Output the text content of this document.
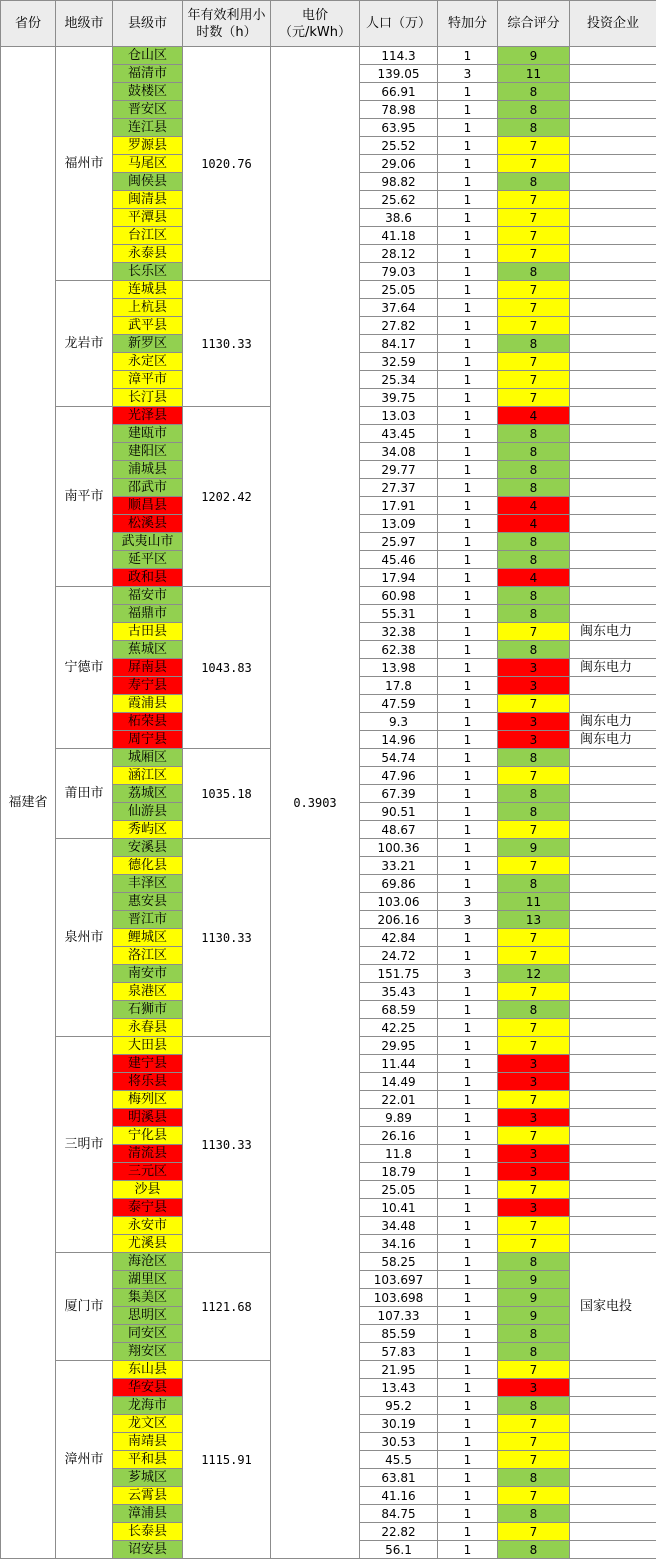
省份	地级市	县级市	年有效利用小时数（h）	电价（元/kWh）	人口（万）	特加分	综合评分	投资企业
福建省	福州市	仓山区	1020.76	0.3903	114.3	1	9	
		福清市			139.05	3	11	
		鼓楼区			66.91	1	8	
		晋安区			78.98	1	8	
		连江县			63.95	1	8	
		罗源县			25.52	1	7	
		马尾区			29.06	1	7	
		闽侯县			98.82	1	8	
		闽清县			25.62	1	7	
		平潭县			38.6	1	7	
		台江区			41.18	1	7	
		永泰县			28.12	1	7	
		长乐区			79.03	1	8	
	龙岩市	连城县	1130.33		25.05	1	7	
		上杭县			37.64	1	7	
		武平县			27.82	1	7	
		新罗区			84.17	1	8	
		永定区			32.59	1	7	
		漳平市			25.34	1	7	
		长汀县			39.75	1	7	
	南平市	光泽县	1202.42		13.03	1	4	
		建瓯市			43.45	1	8	
		建阳区			34.08	1	8	
		浦城县			29.77	1	8	
		邵武市			27.37	1	8	
		顺昌县			17.91	1	4	
		松溪县			13.09	1	4	
		武夷山市			25.97	1	8	
		延平区			45.46	1	8	
		政和县			17.94	1	4	
	宁德市	福安市	1043.83		60.98	1	8	
		福鼎市			55.31	1	8	
		古田县			32.38	1	7	闽东电力
		蕉城区			62.38	1	8	
		屏南县			13.98	1	3	闽东电力
		寿宁县			17.8	1	3	
		霞浦县			47.59	1	7	
		柘荣县			9.3	1	3	闽东电力
		周宁县			14.96	1	3	闽东电力
	莆田市	城厢区	1035.18		54.74	1	8	
		涵江区			47.96	1	7	
		荔城区			67.39	1	8	
		仙游县			90.51	1	8	
		秀屿区			48.67	1	7	
	泉州市	安溪县	1130.33		100.36	1	9	
		德化县			33.21	1	7	
		丰泽区			69.86	1	8	
		惠安县			103.06	3	11	
		晋江市			206.16	3	13	
		鲤城区			42.84	1	7	
		洛江区			24.72	1	7	
		南安市			151.75	3	12	
		泉港区			35.43	1	7	
		石狮市			68.59	1	8	
		永春县			42.25	1	7	
	三明市	大田县	1130.33		29.95	1	7	
		建宁县			11.44	1	3	
		将乐县			14.49	1	3	
		梅列区			22.01	1	7	
		明溪县			9.89	1	3	
		宁化县			26.16	1	7	
		清流县			11.8	1	3	
		三元区			18.79	1	3	
		沙县			25.05	1	7	
		泰宁县			10.41	1	3	
		永安市			34.48	1	7	
		尤溪县			34.16	1	7	
	厦门市	海沧区	1121.68		58.25	1	8	国家电投
		湖里区			103.697	1	9	
		集美区			103.698	1	9	
		思明区			107.33	1	9	
		同安区			85.59	1	8	
		翔安区			57.83	1	8	
	漳州市	东山县	1115.91		21.95	1	7	
		华安县			13.43	1	3	
		龙海市			95.2	1	8	
		龙文区			30.19	1	7	
		南靖县			30.53	1	7	
		平和县			45.5	1	7	
		芗城区			63.81	1	8	
		云霄县			41.16	1	7	
		漳浦县			84.75	1	8	
		长泰县			22.82	1	7	
		诏安县			56.1	1	8	
